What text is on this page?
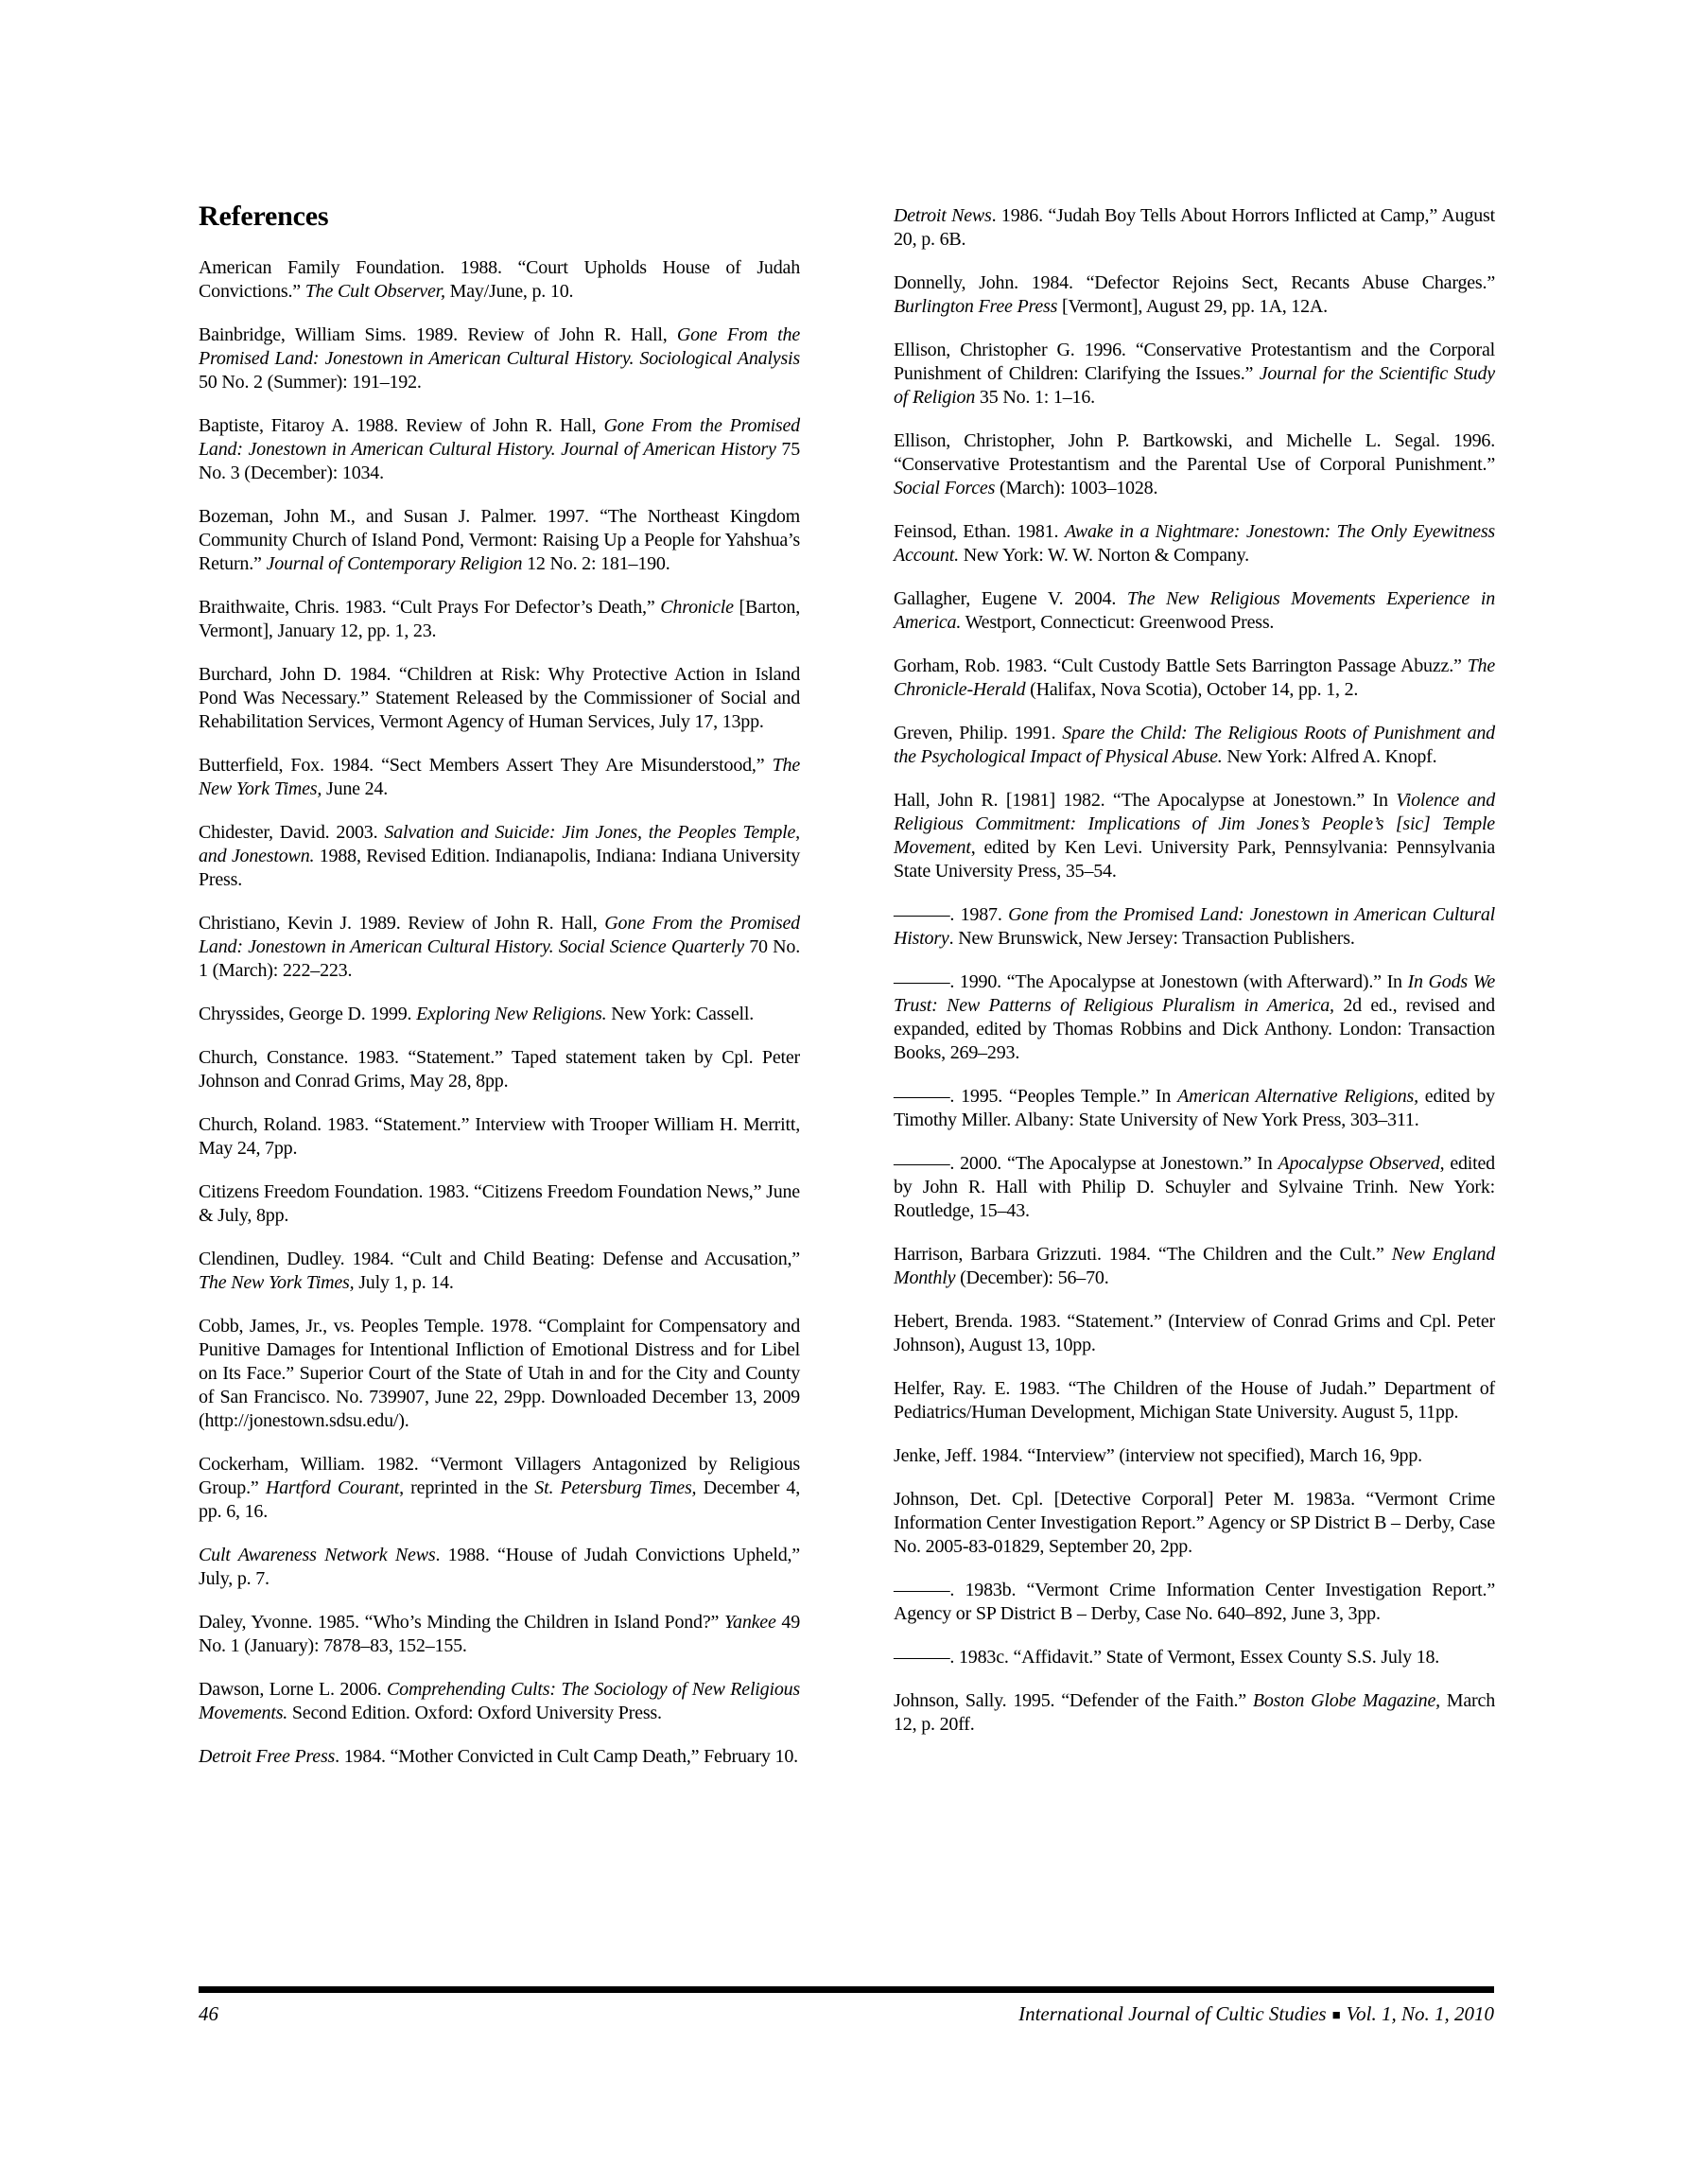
References

American Family Foundation. 1988. “Court Upholds House of Judah Convictions.” The Cult Observer, May/June, p. 10.

Bainbridge, William Sims. 1989. Review of John R. Hall, Gone From the Promised Land: Jonestown in American Cultural History. Sociological Analysis 50 No. 2 (Summer): 191–192.

Baptiste, Fitaroy A. 1988. Review of John R. Hall, Gone From the Promised Land: Jonestown in American Cultural History. Journal of American History 75 No. 3 (December): 1034.

Bozeman, John M., and Susan J. Palmer. 1997. “The Northeast Kingdom Community Church of Island Pond, Vermont: Raising Up a People for Yahshua’s Return.” Journal of Contemporary Religion 12 No. 2: 181–190.

Braithwaite, Chris. 1983. “Cult Prays For Defector’s Death,” Chronicle [Barton, Vermont], January 12, pp. 1, 23.

Burchard, John D. 1984. “Children at Risk: Why Protective Action in Island Pond Was Necessary.” Statement Released by the Commissioner of Social and Rehabilitation Services, Vermont Agency of Human Services, July 17, 13pp.

Butterfield, Fox. 1984. “Sect Members Assert They Are Misunderstood,” The New York Times, June 24.

Chidester, David. 2003. Salvation and Suicide: Jim Jones, the Peoples Temple, and Jonestown. 1988, Revised Edition. Indianapolis, Indiana: Indiana University Press.

Christiano, Kevin J. 1989. Review of John R. Hall, Gone From the Promised Land: Jonestown in American Cultural History. Social Science Quarterly 70 No. 1 (March): 222–223.

Chryssides, George D. 1999. Exploring New Religions. New York: Cassell.

Church, Constance. 1983. “Statement.” Taped statement taken by Cpl. Peter Johnson and Conrad Grims, May 28, 8pp.

Church, Roland. 1983. “Statement.” Interview with Trooper William H. Merritt, May 24, 7pp.

Citizens Freedom Foundation. 1983. “Citizens Freedom Foundation News,” June & July, 8pp.

Clendinen, Dudley. 1984. “Cult and Child Beating: Defense and Accusation,” The New York Times, July 1, p. 14.

Cobb, James, Jr., vs. Peoples Temple. 1978. “Complaint for Compensatory and Punitive Damages for Intentional Infliction of Emotional Distress and for Libel on Its Face.” Superior Court of the State of Utah in and for the City and County of San Francisco. No. 739907, June 22, 29pp. Downloaded December 13, 2009 (http://jonestown.sdsu.edu/).

Cockerham, William. 1982. “Vermont Villagers Antagonized by Religious Group.” Hartford Courant, reprinted in the St. Petersburg Times, December 4, pp. 6, 16.

Cult Awareness Network News. 1988. “House of Judah Convictions Upheld,” July, p. 7.

Daley, Yvonne. 1985. “Who’s Minding the Children in Island Pond?” Yankee 49 No. 1 (January): 7878–83, 152–155.

Dawson, Lorne L. 2006. Comprehending Cults: The Sociology of New Religious Movements. Second Edition. Oxford: Oxford University Press.

Detroit Free Press. 1984. “Mother Convicted in Cult Camp Death,” February 10.

Detroit News. 1986. “Judah Boy Tells About Horrors Inflicted at Camp,” August 20, p. 6B.

Donnelly, John. 1984. “Defector Rejoins Sect, Recants Abuse Charges.” Burlington Free Press [Vermont], August 29, pp. 1A, 12A.

Ellison, Christopher G. 1996. “Conservative Protestantism and the Corporal Punishment of Children: Clarifying the Issues.” Journal for the Scientific Study of Religion 35 No. 1: 1–16.

Ellison, Christopher, John P. Bartkowski, and Michelle L. Segal. 1996. “Conservative Protestantism and the Parental Use of Corporal Punishment.” Social Forces (March): 1003–1028.

Feinsod, Ethan. 1981. Awake in a Nightmare: Jonestown: The Only Eyewitness Account. New York: W. W. Norton & Company.

Gallagher, Eugene V. 2004. The New Religious Movements Experience in America. Westport, Connecticut: Greenwood Press.

Gorham, Rob. 1983. “Cult Custody Battle Sets Barrington Passage Abuzz.” The Chronicle-Herald (Halifax, Nova Scotia), October 14, pp. 1, 2.

Greven, Philip. 1991. Spare the Child: The Religious Roots of Punishment and the Psychological Impact of Physical Abuse. New York: Alfred A. Knopf.

Hall, John R. [1981] 1982. “The Apocalypse at Jonestown.” In Violence and Religious Commitment: Implications of Jim Jones’s People’s [sic] Temple Movement, edited by Ken Levi. University Park, Pennsylvania: Pennsylvania State University Press, 35–54.

———. 1987. Gone from the Promised Land: Jonestown in American Cultural History. New Brunswick, New Jersey: Transaction Publishers.

———. 1990. “The Apocalypse at Jonestown (with Afterward).” In In Gods We Trust: New Patterns of Religious Pluralism in America, 2d ed., revised and expanded, edited by Thomas Robbins and Dick Anthony. London: Transaction Books, 269–293.

———. 1995. “Peoples Temple.” In American Alternative Religions, edited by Timothy Miller. Albany: State University of New York Press, 303–311.

———. 2000. “The Apocalypse at Jonestown.” In Apocalypse Observed, edited by John R. Hall with Philip D. Schuyler and Sylvaine Trinh. New York: Routledge, 15–43.

Harrison, Barbara Grizzuti. 1984. “The Children and the Cult.” New England Monthly (December): 56–70.

Hebert, Brenda. 1983. “Statement.” (Interview of Conrad Grims and Cpl. Peter Johnson), August 13, 10pp.

Helfer, Ray. E. 1983. “The Children of the House of Judah.” Department of Pediatrics/Human Development, Michigan State University. August 5, 11pp.

Jenke, Jeff. 1984. “Interview” (interview not specified), March 16, 9pp.

Johnson, Det. Cpl. [Detective Corporal] Peter M. 1983a. “Vermont Crime Information Center Investigation Report.” Agency or SP District B – Derby, Case No. 2005-83-01829, September 20, 2pp.

———. 1983b. “Vermont Crime Information Center Investigation Report.” Agency or SP District B – Derby, Case No. 640–892, June 3, 3pp.

———. 1983c. “Affidavit.” State of Vermont, Essex County S.S. July 18.

Johnson, Sally. 1995. “Defender of the Faith.” Boston Globe Magazine, March 12, p. 20ff.

46	International Journal of Cultic Studies ■ Vol. 1, No. 1, 2010
